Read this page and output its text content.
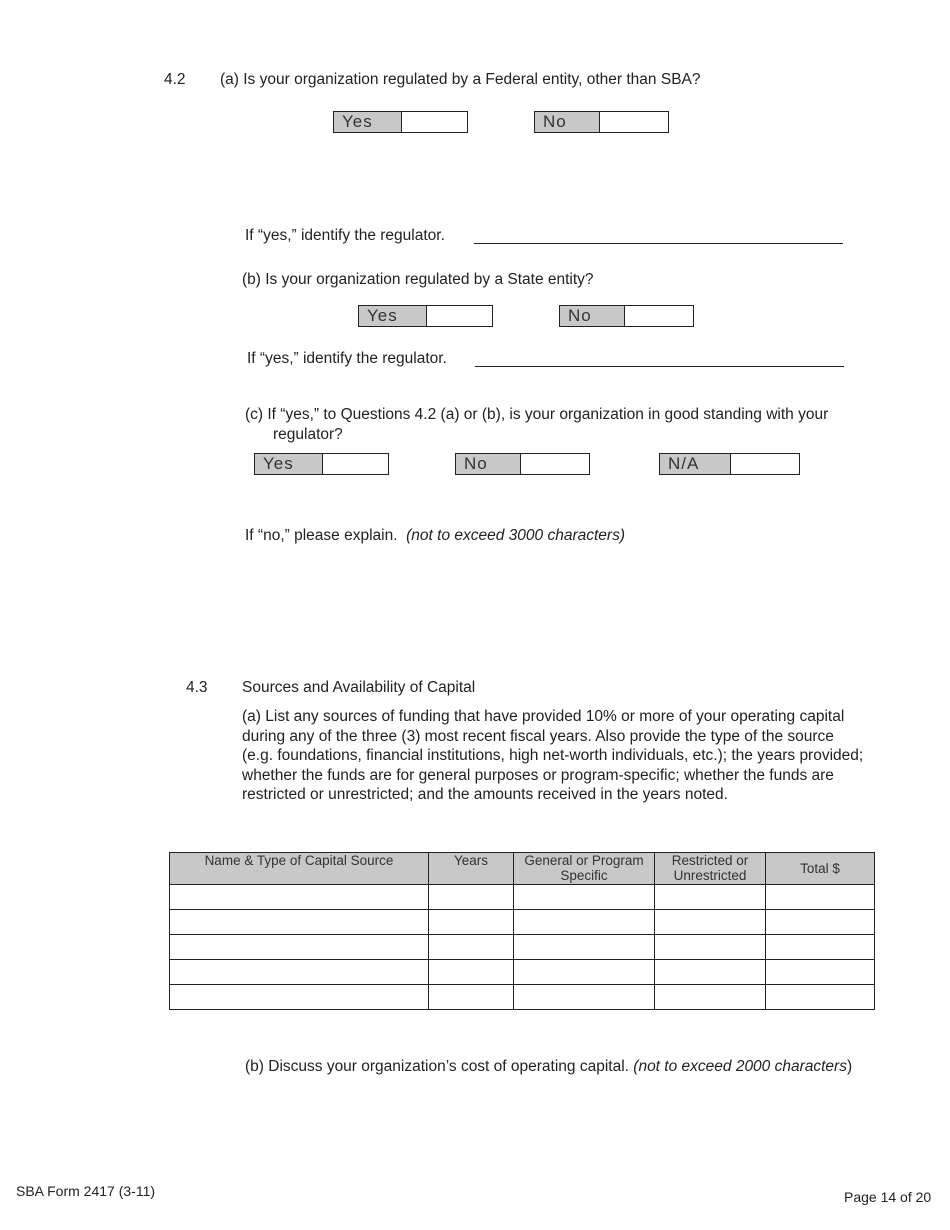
4.2 (a) Is your organization regulated by a Federal entity, other than SBA?
Yes	No
If “yes,” identify the regulator.
(b) Is your organization regulated by a State entity?
Yes	No
If “yes,” identify the regulator.
(c) If “yes,” to Questions 4.2 (a) or (b), is your organization in good standing with your regulator?
Yes	No	N/A
If “no,” please explain. (not to exceed 3000 characters)
4.3 Sources and Availability of Capital
(a) List any sources of funding that have provided 10% or more of your operating capital during any of the three (3) most recent fiscal years. Also provide the type of the source (e.g. foundations, financial institutions, high net-worth individuals, etc.); the years provided; whether the funds are for general purposes or program-specific; whether the funds are restricted or unrestricted; and the amounts received in the years noted.
Name & Type of Capital Source	Years	General or Program Specific	Restricted or Unrestricted	Total $

(b) Discuss your organization’s cost of operating capital. (not to exceed 2000 characters)
SBA Form 2417 (3-11)	Page 14 of 20
